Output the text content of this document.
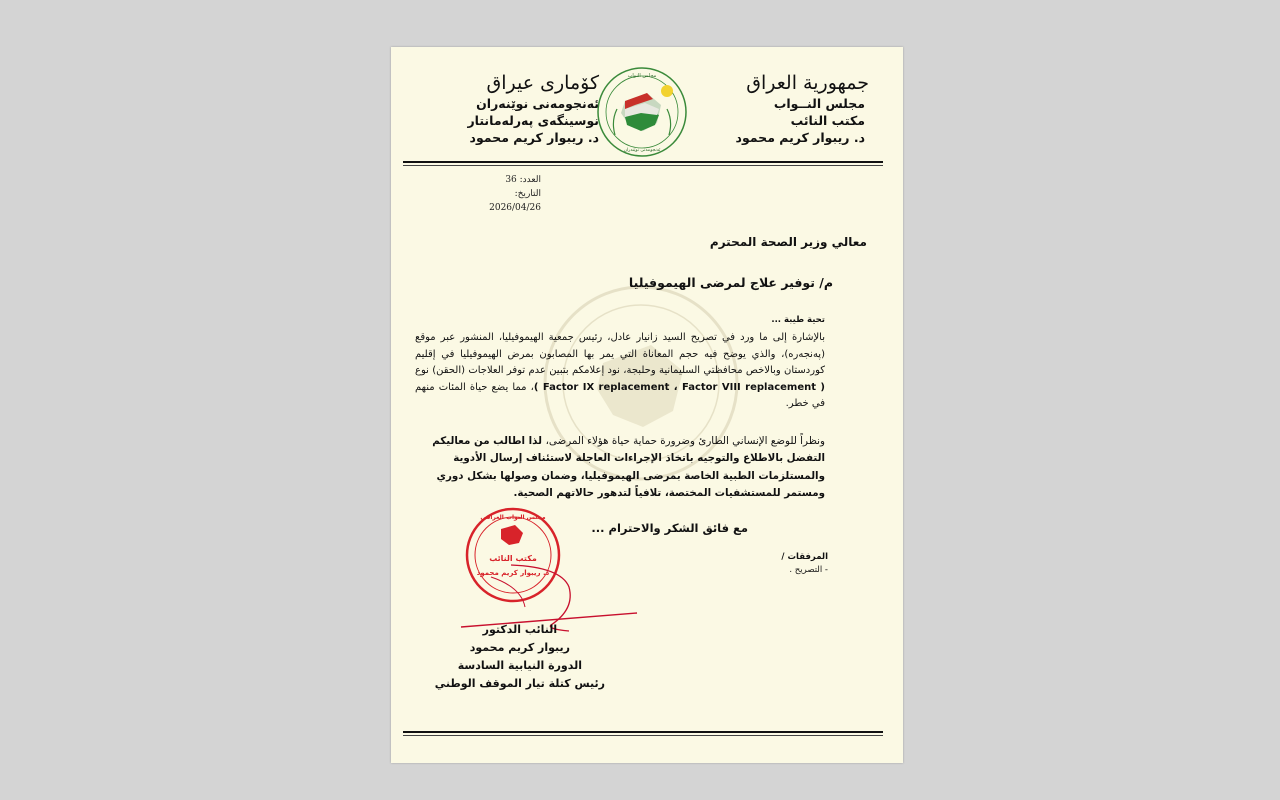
جمهورية العراق
مجلس النــواب
مكتب النائب
د. ريبوار كريم محمود
مجلس النواب
ئەنجومەنی نوێنەران
کۆماری عیراق
ئەنجومەنی نوێنەران
نوسینگەی پەرلەمانتار
د. ريبوار كريم محمود
العدد: 36
التاريخ: 2026/04/26
معالي وزير الصحة المحترم
م/ توفير علاج لمرضى الهيموفيليا
تحية طيبة ...
بالإشارة إلى ما ورد في تصريح السيد زانيار عادل، رئيس جمعية الهيموفيليا، المنشور عبر موقع (پەنجەرە)، والذي يوضح فيه حجم المعاناة التي يمر بها المصابون بمرض الهيموفيليا في إقليم كوردستان وبالاخص محافظتي السليمانية وحلبجة، نود إعلامكم بتبين عدم توفر العلاجات (الحقن) نوع ( Factor IX replacement ، Factor VIII replacement )، مما يضع حياة المئات منهم في خطر.
ونظراً للوضع الإنساني الطارئ وضرورة حماية حياة هؤلاء المرضى، لذا اطالب من معاليكم التفضل بالاطلاع والتوجيه باتخاذ الإجراءات العاجلة لاستئناف إرسال الأدوية والمستلزمات الطبية الخاصة بمرضى الهيموفيليا، وضمان وصولها بشكل دوري ومستمر للمستشفيات المختصة، تلافياً لتدهور حالاتهم الصحية.
مع فائق الشكر والاحترام ...
المرفقات /
- التصريح .
مجلس النواب العراقي
مكتب النائب
د. ريبوار كريم محمود
النائب الدكتور
ريبوار كريم محمود
الدورة النيابية السادسة
رئيس كتلة تيار الموقف الوطني
